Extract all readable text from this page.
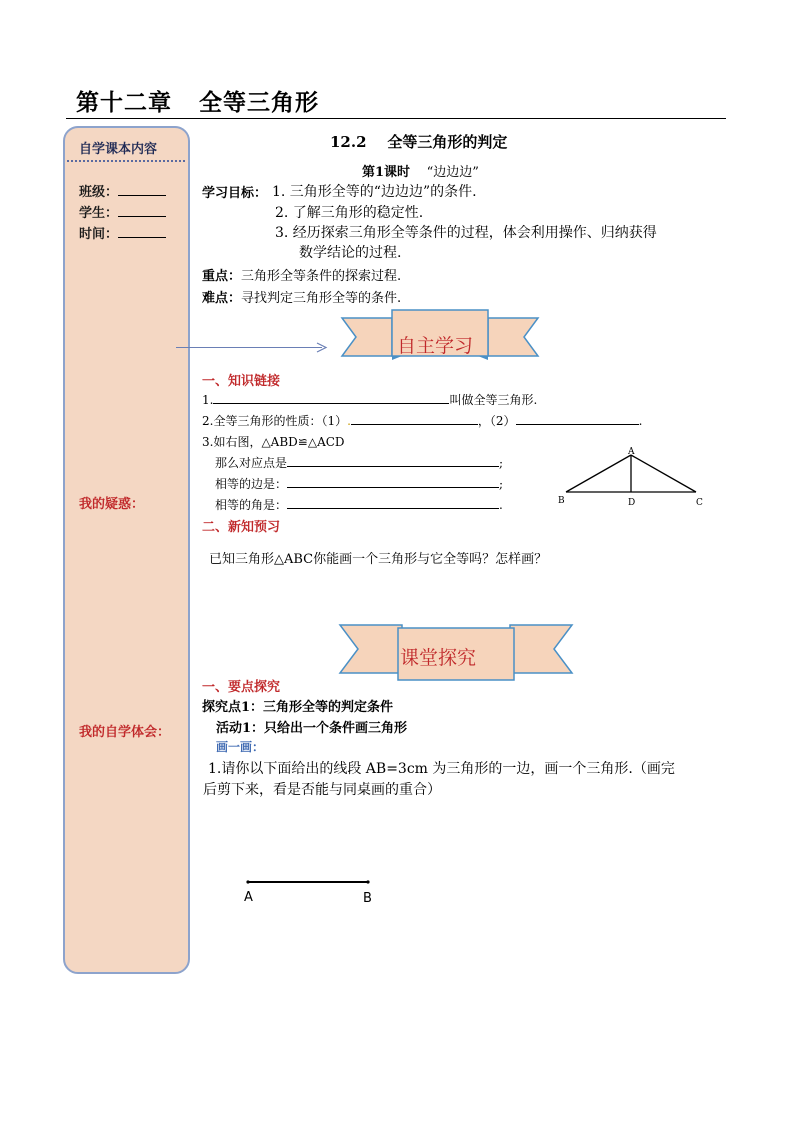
第十二章   全等三角形
自学课本内容
班级：
学生：
时间：
我的疑惑：
我的自学体会：
12.2    全等三角形的判定
第1课时 “边边边”
学习目标： 1. 三角形全等的“边边边”的条件.
2. 了解三角形的稳定性.
3. 经历探索三角形全等条件的过程，体会利用操作、归纳获得
数学结论的过程.
重点：三角形全等条件的探索过程.
难点：寻找判定三角形全等的条件.
自主学习
一、知识链接
1.	叫做全等三角形.
2.全等三角形的性质：（1）.	，（2）	.
3.如右图，△ABD≌△ACD
那么对应点是	;
相等的边是：	;
相等的角是：	.
A
B	D	C
二、新知预习
已知三角形△ABC你能画一个三角形与它全等吗？怎样画？
课堂探究
一、要点探究
探究点1：三角形全等的判定条件
活动1：只给出一个条件画三角形
画一画：
1.请你以下面给出的线段 AB=3cm 为三角形的一边，画一个三角形.（画完
后剪下来，看是否能与同桌画的重合）
A	B
